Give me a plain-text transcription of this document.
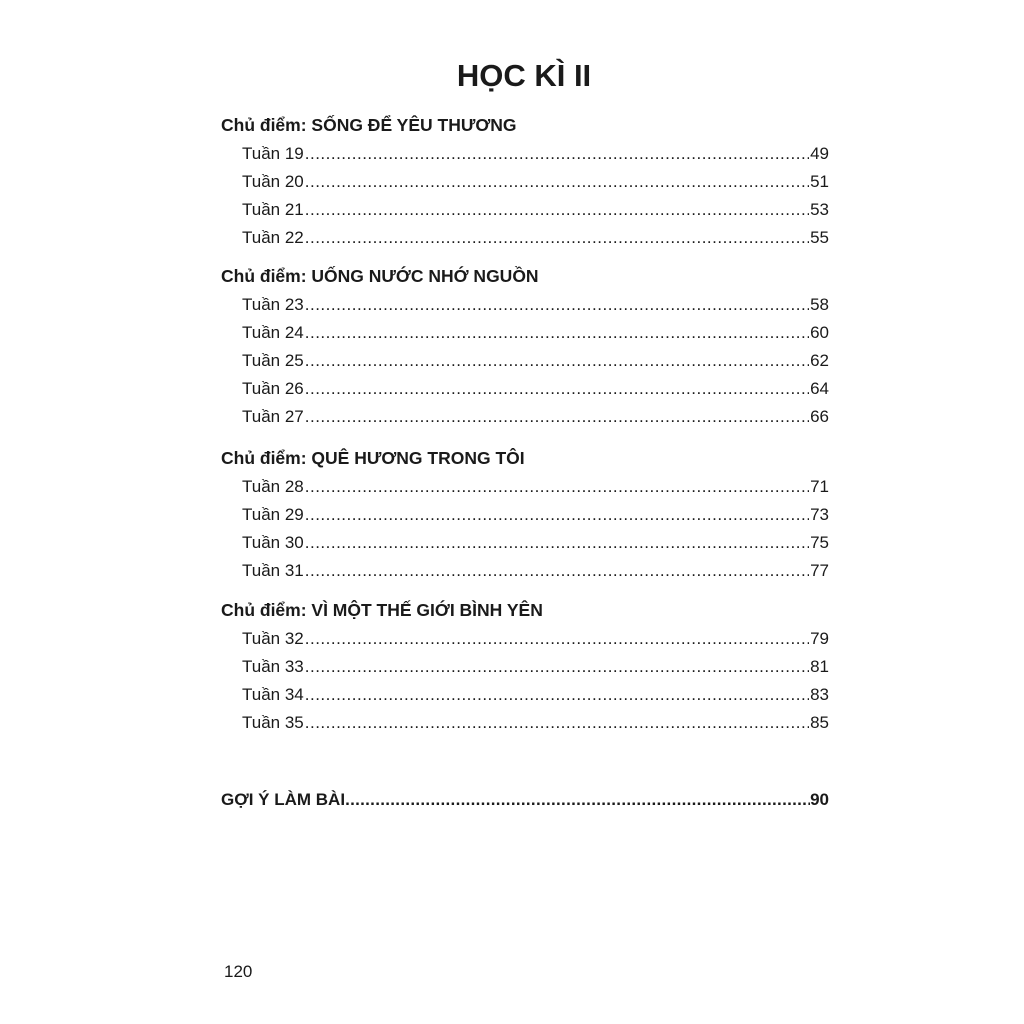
HỌC KÌ II
Chủ điểm: SỐNG ĐỂ YÊU THƯƠNG
Tuần 19 .....	49
Tuần 20 .....	51
Tuần 21 .....	53
Tuần 22 .....	55
Chủ điểm: UỐNG NƯỚC NHỚ NGUỒN
Tuần 23 .....	58
Tuần 24 .....	60
Tuần 25 .....	62
Tuần 26 .....	64
Tuần 27 .....	66
Chủ điểm: QUÊ HƯƠNG TRONG TÔI
Tuần 28 .....	71
Tuần 29 .....	73
Tuần 30 .....	75
Tuần 31 .....	77
Chủ điểm: VÌ MỘT THẾ GIỚI BÌNH YÊN
Tuần 32 .....	79
Tuần 33 .....	81
Tuần 34 .....	83
Tuần 35 .....	85
GỢI Ý LÀM BÀI .....	90
120
